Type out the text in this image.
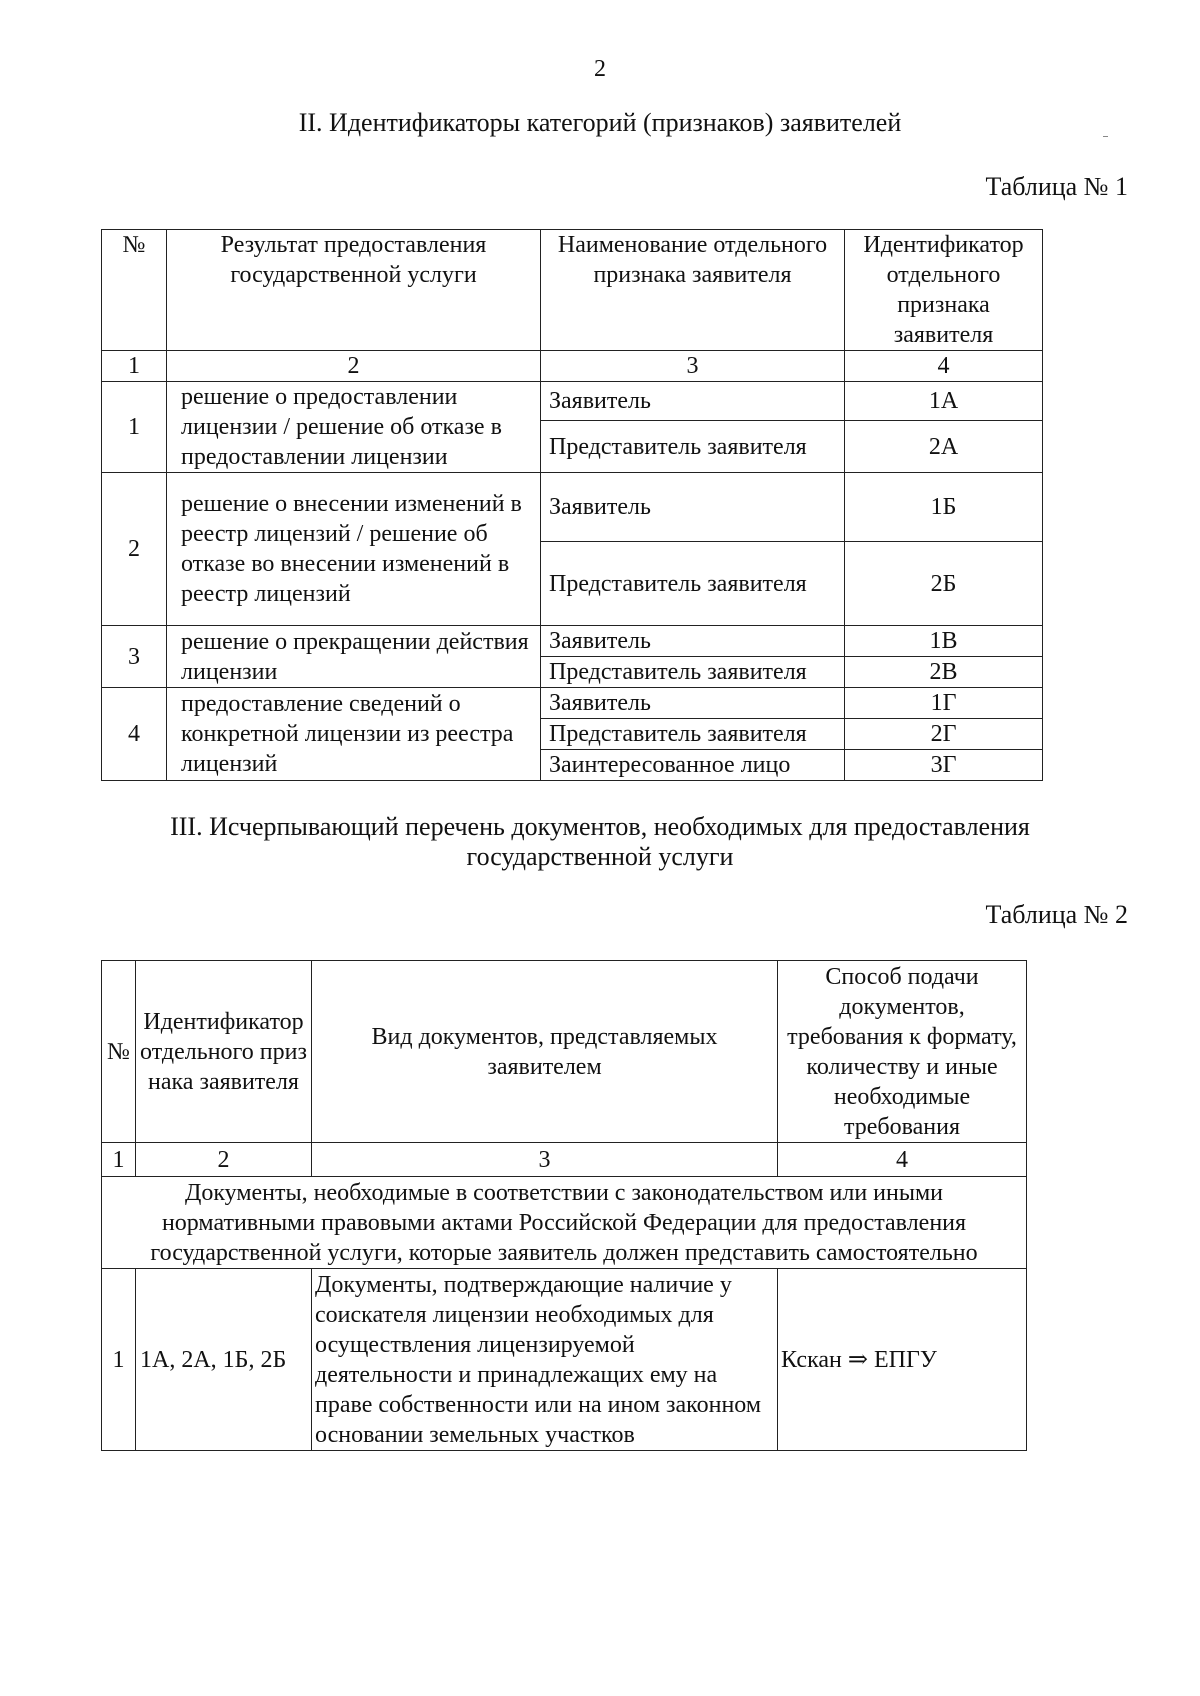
2
II. Идентификаторы категорий (признаков) заявителей
Таблица № 1
№	Результат предоставления государственной услуги	Наименование отдельного признака заявителя	Идентификатор отдельного признака заявителя
1	2	3	4
1	решение о предоставлении лицензии / решение об отказе в предоставлении лицензии	Заявитель	1А
		Представитель заявителя	2А
2	решение о внесении изменений в реестр лицензий / решение об отказе во внесении изменений в реестр лицензий	Заявитель	1Б
		Представитель заявителя	2Б
3	решение о прекращении действия лицензии	Заявитель	1В
		Представитель заявителя	2В
4	предоставление сведений о конкретной лицензии из реестра лицензий	Заявитель	1Г
		Представитель заявителя	2Г
		Заинтересованное лицо	3Г
III. Исчерпывающий перечень документов, необходимых для предоставления государственной услуги
Таблица № 2
№	Идентификатор отдельного признака заявителя	Вид документов, представляемых заявителем	Способ подачи документов, требования к формату, количеству и иные необходимые требования
1	2	3	4
Документы, необходимые в соответствии с законодательством или иными нормативными правовыми актами Российской Федерации для предоставления государственной услуги, которые заявитель должен представить самостоятельно			
1	1А, 2А, 1Б, 2Б	Документы, подтверждающие наличие у соискателя лицензии необходимых для осуществления лицензируемой деятельности и принадлежащих ему на праве собственности или на ином законном основании земельных участков	Кскан ⇒ ЕПГУ
